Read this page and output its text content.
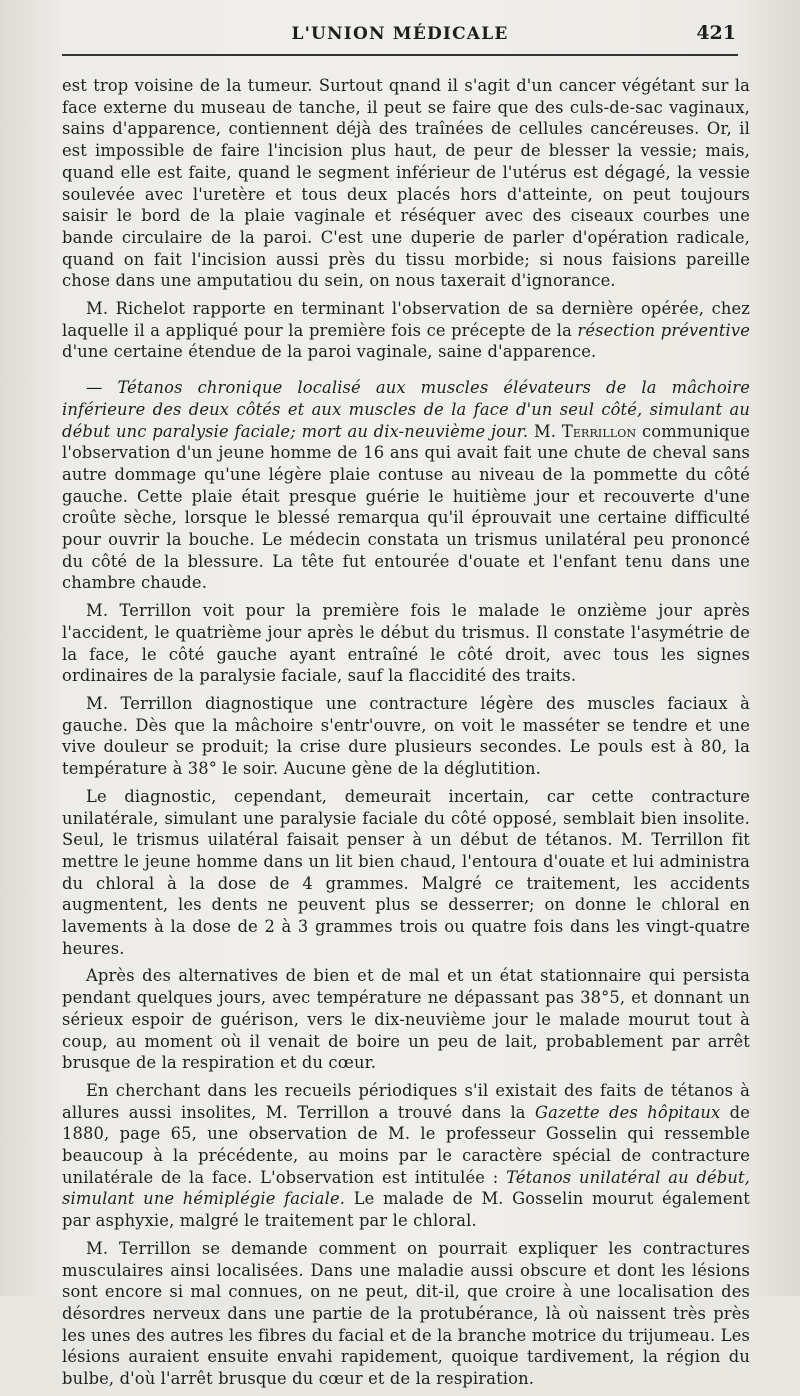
L'UNION MÉDICALE	421

est trop voisine de la tumeur. Surtout qnand il s'agit d'un cancer végétant sur la face externe du museau de tanche, il peut se faire que des culs-de-sac vaginaux, sains d'apparence, contiennent déjà des traînées de cellules cancéreuses. Or, il est impossible de faire l'incision plus haut, de peur de blesser la vessie; mais, quand elle est faite, quand le segment inférieur de l'utérus est dégagé, la vessie soulevée avec l'uretère et tous deux placés hors d'atteinte, on peut toujours saisir le bord de la plaie vaginale et réséquer avec des ciseaux courbes une bande circulaire de la paroi. C'est une duperie de parler d'opération radicale, quand on fait l'incision aussi près du tissu morbide; si nous faisions pareille chose dans une amputatiou du sein, on nous taxerait d'ignorance.

M. Richelot rapporte en terminant l'observation de sa dernière opérée, chez laquelle il a appliqué pour la première fois ce précepte de la résection préventive d'une certaine étendue de la paroi vaginale, saine d'apparence.

— Tétanos chronique localisé aux muscles élévateurs de la mâchoire inférieure des deux côtés et aux muscles de la face d'un seul côté, simulant au début unc paralysie faciale; mort au dix-neuvième jour. M. Terrillon communique l'observation d'un jeune homme de 16 ans qui avait fait une chute de cheval sans autre dommage qu'une légère plaie contuse au niveau de la pommette du côté gauche. Cette plaie était presque guérie le huitième jour et recouverte d'une croûte sèche, lorsque le blessé remarqua qu'il éprouvait une certaine difficulté pour ouvrir la bouche. Le médecin constata un trismus unilatéral peu prononcé du côté de la blessure. La tête fut entourée d'ouate et l'enfant tenu dans une chambre chaude.

M. Terrillon voit pour la première fois le malade le onzième jour après l'accident, le quatrième jour après le début du trismus. Il constate l'asymétrie de la face, le côté gauche ayant entraîné le côté droit, avec tous les signes ordinaires de la paralysie faciale, sauf la flaccidité des traits.

M. Terrillon diagnostique une contracture légère des muscles faciaux à gauche. Dès que la mâchoire s'entr'ouvre, on voit le masséter se tendre et une vive douleur se produit; la crise dure plusieurs secondes. Le pouls est à 80, la température à 38° le soir. Aucune gène de la déglutition.

Le diagnostic, cependant, demeurait incertain, car cette contracture unilatérale, simulant une paralysie faciale du côté opposé, semblait bien insolite. Seul, le trismus uilatéral faisait penser à un début de tétanos. M. Terrillon fit mettre le jeune homme dans un lit bien chaud, l'entoura d'ouate et lui administra du chloral à la dose de 4 grammes. Malgré ce traitement, les accidents augmentent, les dents ne peuvent plus se desserrer; on donne le chloral en lavements à la dose de 2 à 3 grammes trois ou quatre fois dans les vingt-quatre heures.

Après des alternatives de bien et de mal et un état stationnaire qui persista pendant quelques jours, avec température ne dépassant pas 38°5, et donnant un sérieux espoir de guérison, vers le dix-neuvième jour le malade mourut tout à coup, au moment où il venait de boire un peu de lait, probablement par arrêt brusque de la respiration et du cœur.

En cherchant dans les recueils périodiques s'il existait des faits de tétanos à allures aussi insolites, M. Terrillon a trouvé dans la Gazette des hôpitaux de 1880, page 65, une observation de M. le professeur Gosselin qui ressemble beaucoup à la précédente, au moins par le caractère spécial de contracture unilatérale de la face. L'observation est intitulée : Tétanos unilatéral au début, simulant une hémiplégie faciale. Le malade de M. Gosselin mourut également par asphyxie, malgré le traitement par le chloral.

M. Terrillon se demande comment on pourrait expliquer les contractures musculaires ainsi localisées. Dans une maladie aussi obscure et dont les lésions sont encore si mal connues, on ne peut, dit-il, que croire à une localisation des désordres nerveux dans une partie de la protubérance, là où naissent très près les unes des autres les fibres du facial et de la branche motrice du trijumeau. Les lésions auraient ensuite envahi rapidement, quoique tardivement, la région du bulbe, d'où l'arrêt brusque du cœur et de la respiration.
